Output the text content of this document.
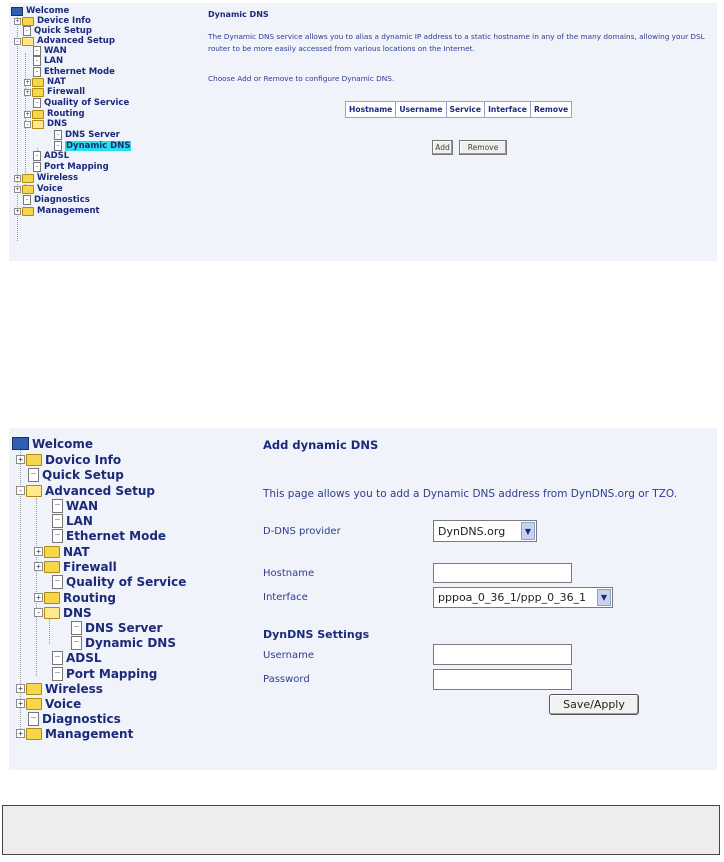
Welcome
+ Device Info
Quick Setup
- Advanced Setup
WAN
LAN
Ethernet Mode
+ NAT
+ Firewall
Quality of Service
+ Routing
- DNS
DNS Server
Dynamic DNS
ADSL
Port Mapping
+ Wireless
+ Voice
Diagnostics
+ Management
Dynamic DNS
The Dynamic DNS service allows you to alias a dynamic IP address to a static hostname in any of the many domains, allowing your DSL router to be more easily accessed from various locations on the Internet.
Choose Add or Remove to configure Dynamic DNS.
Hostname	Username	Service	Interface	Remove
Add	Remove
Welcome
+ Dovico Info
Quick Setup
- Advanced Setup
WAN
LAN
Ethernet Mode
+ NAT
+ Firewall
Quality of Service
+ Routing
- DNS
DNS Server
Dynamic DNS
ADSL
Port Mapping
+ Wireless
+ Voice
Diagnostics
+ Management
Add dynamic DNS
This page allows you to add a Dynamic DNS address from DynDNS.org or TZO.
D-DNS provider	DynDNS.org	▼
Hostname
Interface	pppoa_0_36_1/ppp_0_36_1	▼
DynDNS Settings
Username
Password
Save/Apply
